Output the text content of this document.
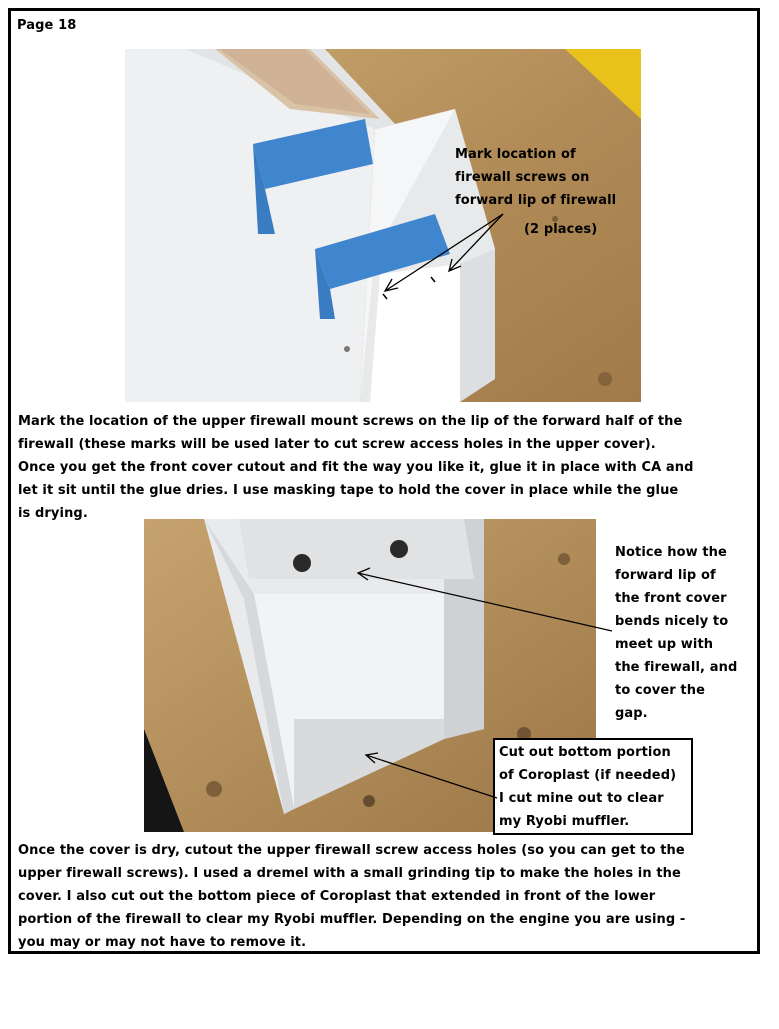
Page 18
Mark location of
firewall screws on
forward lip of firewall
(2 places)
Mark the location of the upper firewall mount screws on the lip of the forward half of the
firewall (these marks will be used later to cut screw access holes in the upper cover).
Once you get the front cover cutout and fit the way you like it, glue it in place with CA and
let it sit until the glue dries. I use masking tape to hold the cover in place while the glue
is drying.
Notice how the
forward lip of
the front cover
bends nicely to
meet up with
the firewall, and
to cover the
gap.
Cut out bottom portion
of Coroplast (if needed)
I cut mine out to clear
my Ryobi muffler.
Once the cover is dry, cutout the upper firewall screw access holes (so you can get to the
upper firewall screws). I used a dremel with a small grinding tip to make the holes in the
cover. I also cut out the bottom piece of Coroplast that extended in front of the lower
portion of the firewall to clear my Ryobi muffler. Depending on the engine you are using -
you may or may not have to remove it.
